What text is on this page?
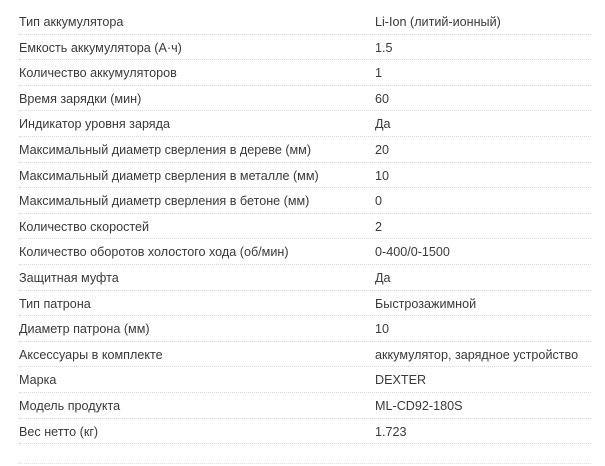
Тип аккумулятора	Li-Ion (литий-ионный)
Емкость аккумулятора (А·ч)	1.5
Количество аккумуляторов	1
Время зарядки (мин)	60
Индикатор уровня заряда	Да
Максимальный диаметр сверления в дереве (мм)	20
Максимальный диаметр сверления в металле (мм)	10
Максимальный диаметр сверления в бетоне (мм)	0
Количество скоростей	2
Количество оборотов холостого хода (об/мин)	0-400/0-1500
Защитная муфта	Да
Тип патрона	Быстрозажимной
Диаметр патрона (мм)	10
Аксессуары в комплекте	аккумулятор, зарядное устройство
Марка	DEXTER
Модель продукта	ML-CD92-180S
Вес нетто (кг)	1.723
